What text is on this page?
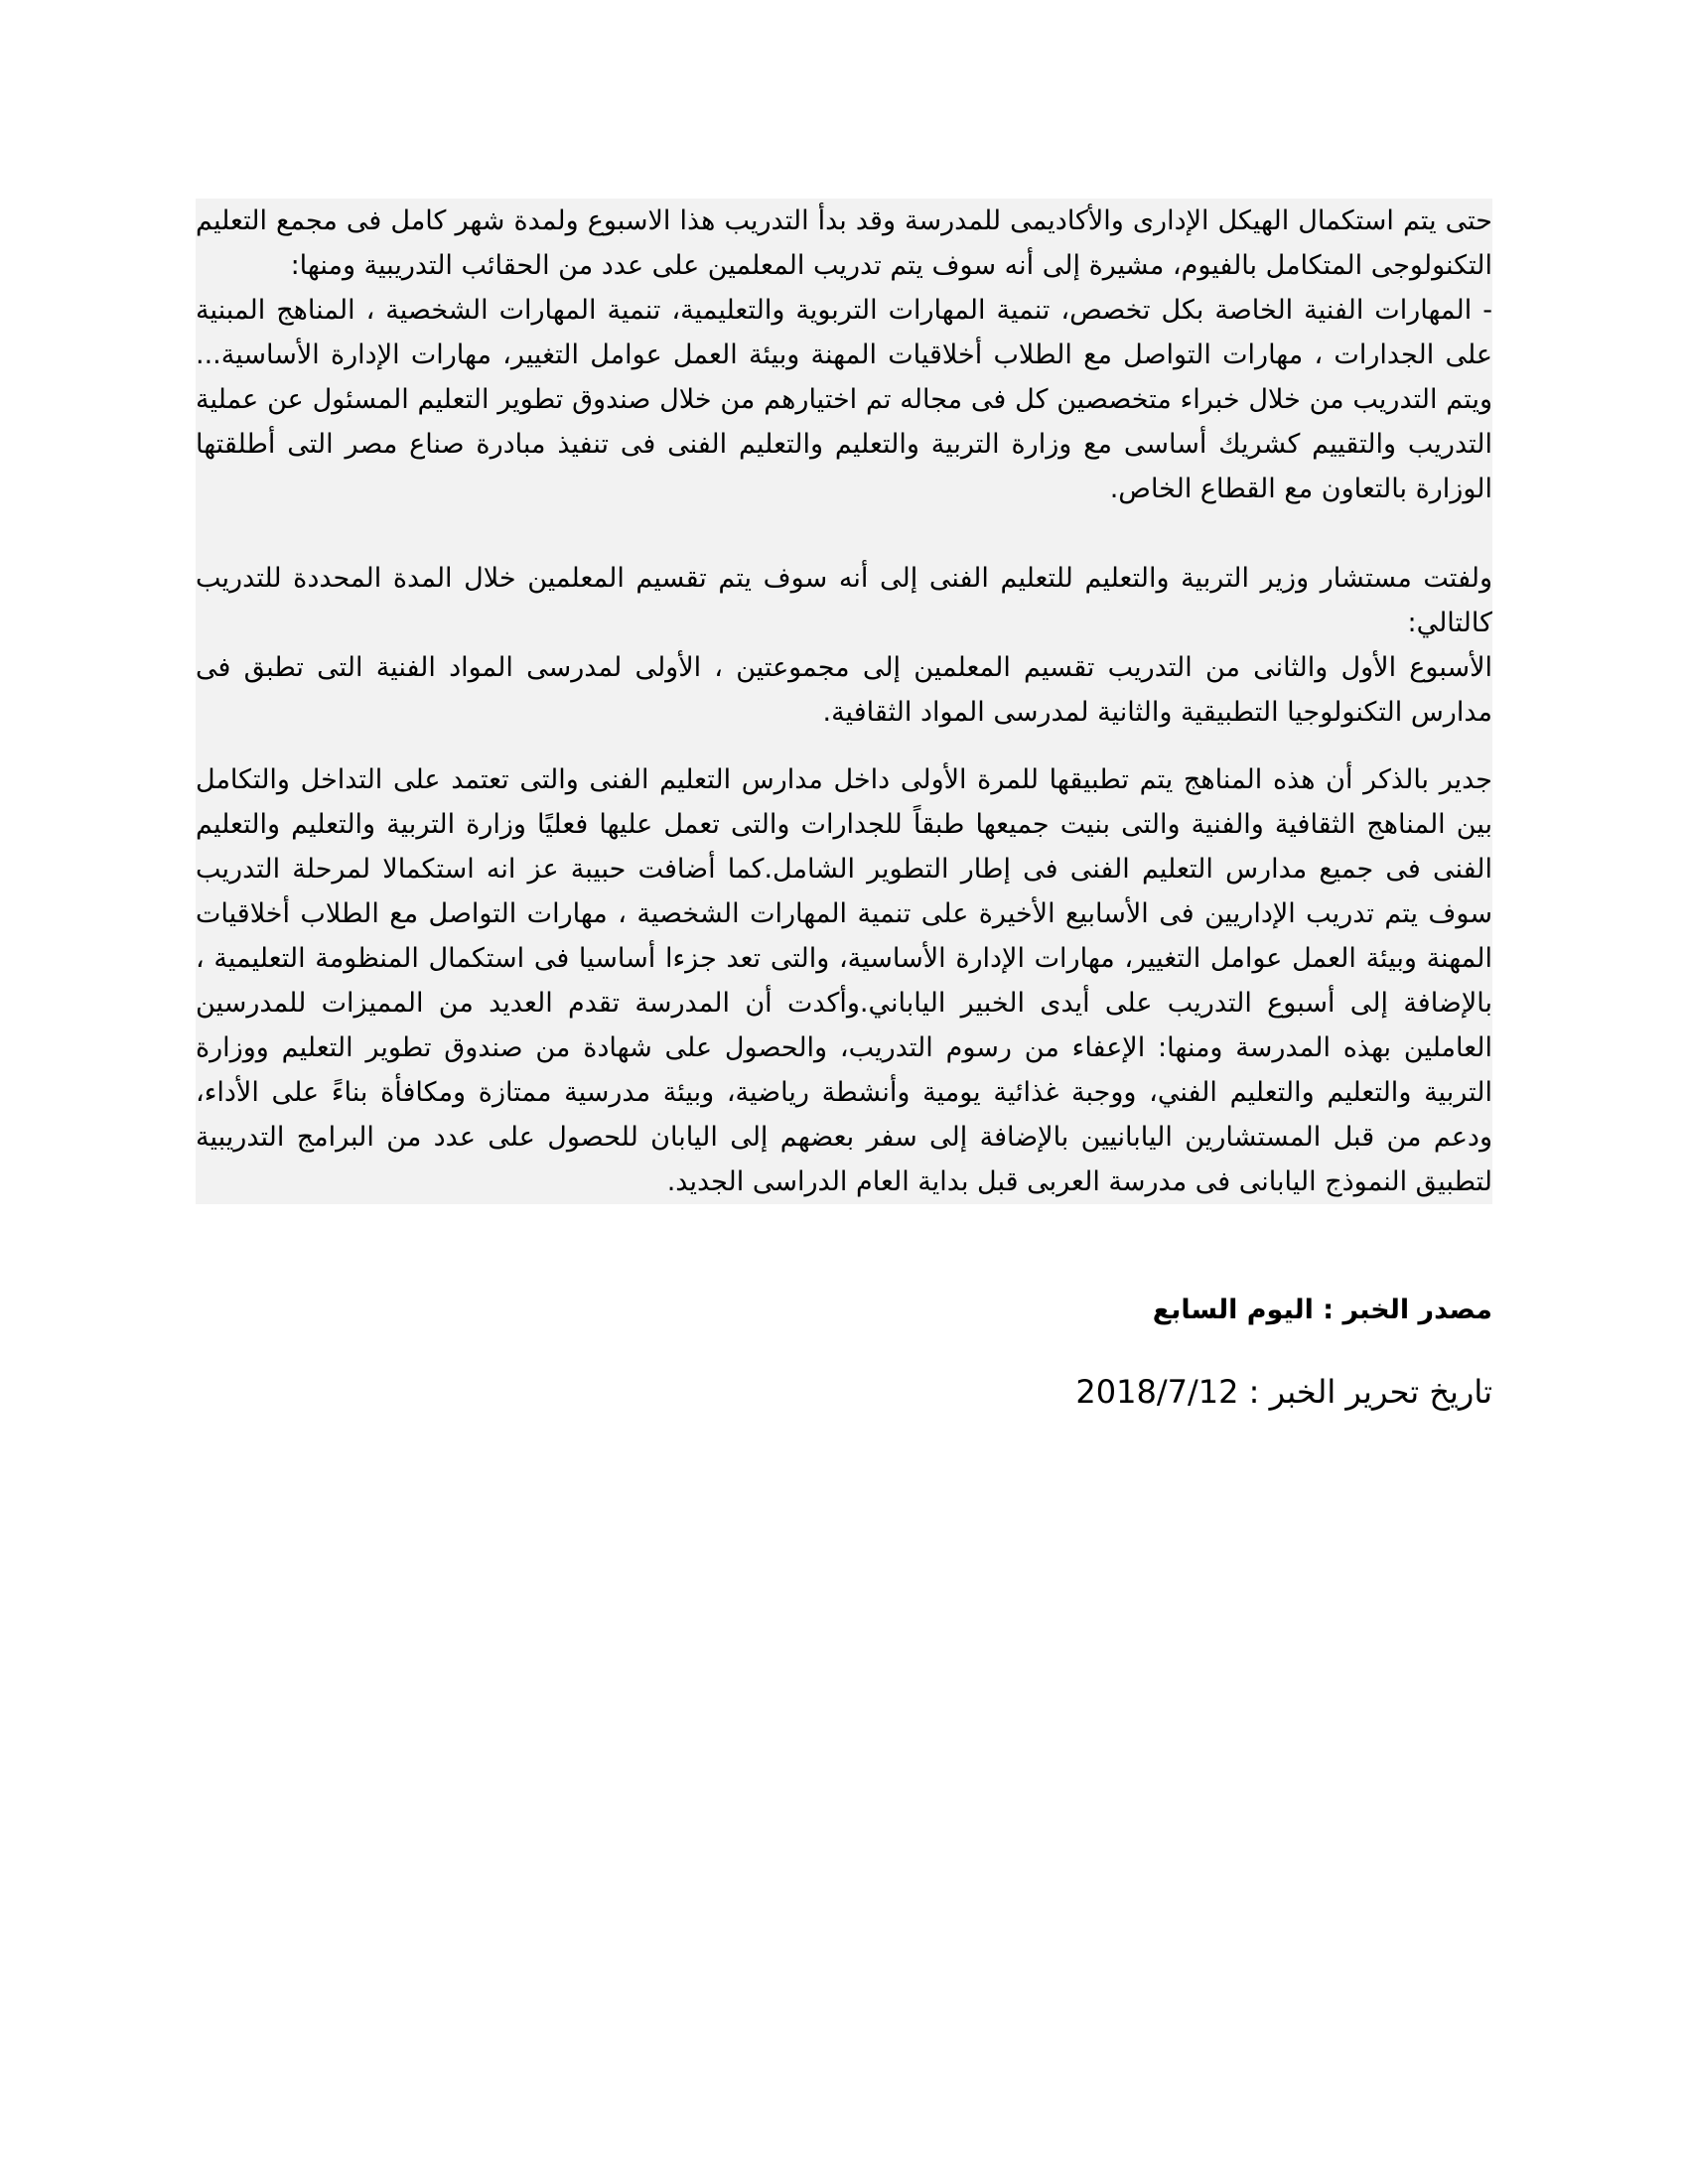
حتى يتم استكمال الهيكل الإدارى والأكاديمى للمدرسة وقد بدأ التدريب هذا الاسبوع ولمدة شهر كامل فى مجمع التعليم التكنولوجى المتكامل بالفيوم، مشيرة إلى أنه سوف يتم تدريب المعلمين على عدد من الحقائب التدريبية ومنها:

- المهارات الفنية الخاصة بكل تخصص، تنمية المهارات التربوية والتعليمية، تنمية المهارات الشخصية ، المناهج المبنية على الجدارات ، مهارات التواصل مع الطلاب أخلاقيات المهنة وبيئة العمل عوامل التغيير، مهارات الإدارة الأساسية... ويتم التدريب من خلال خبراء متخصصين كل فى مجاله تم اختيارهم من خلال صندوق تطوير التعليم المسئول عن عملية التدريب والتقييم كشريك أساسى مع وزارة التربية والتعليم والتعليم الفنى فى تنفيذ مبادرة صناع مصر التى أطلقتها الوزارة بالتعاون مع القطاع الخاص.

ولفتت مستشار وزير التربية والتعليم للتعليم الفنى إلى أنه سوف يتم تقسيم المعلمين خلال المدة المحددة للتدريب كالتالي:

الأسبوع الأول والثانى من التدريب تقسيم المعلمين إلى مجموعتين ، الأولى لمدرسى المواد الفنية التى تطبق فى مدارس التكنولوجيا التطبيقية والثانية لمدرسى المواد الثقافية.

جدير بالذكر أن هذه المناهج يتم تطبيقها للمرة الأولى داخل مدارس التعليم الفنى والتى تعتمد على التداخل والتكامل بين المناهج الثقافية والفنية والتى بنيت جميعها طبقاً للجدارات والتى تعمل عليها فعليًا وزارة التربية والتعليم والتعليم الفنى فى جميع مدارس التعليم الفنى فى إطار التطوير الشامل.كما أضافت حبيبة عز انه استكمالا لمرحلة التدريب سوف يتم تدريب الإداريين فى الأسابيع الأخيرة على تنمية المهارات الشخصية ، مهارات التواصل مع الطلاب أخلاقيات المهنة وبيئة العمل عوامل التغيير، مهارات الإدارة الأساسية، والتى تعد جزءا أساسيا فى استكمال المنظومة التعليمية ، بالإضافة إلى أسبوع التدريب على أيدى الخبير الياباني.وأكدت أن المدرسة تقدم العديد من المميزات للمدرسين العاملين بهذه المدرسة ومنها: الإعفاء من رسوم التدريب، والحصول على شهادة من صندوق تطوير التعليم ووزارة التربية والتعليم والتعليم الفني، ووجبة غذائية يومية وأنشطة رياضية، وبيئة مدرسية ممتازة ومكافأة بناءً على الأداء، ودعم من قبل المستشارين اليابانيين بالإضافة إلى سفر بعضهم إلى اليابان للحصول على عدد من البرامج التدريبية لتطبيق النموذج اليابانى فى مدرسة العربى قبل بداية العام الدراسى الجديد.

مصدر الخبر : اليوم السابع
تاريخ تحرير الخبر : 2018/7/12
